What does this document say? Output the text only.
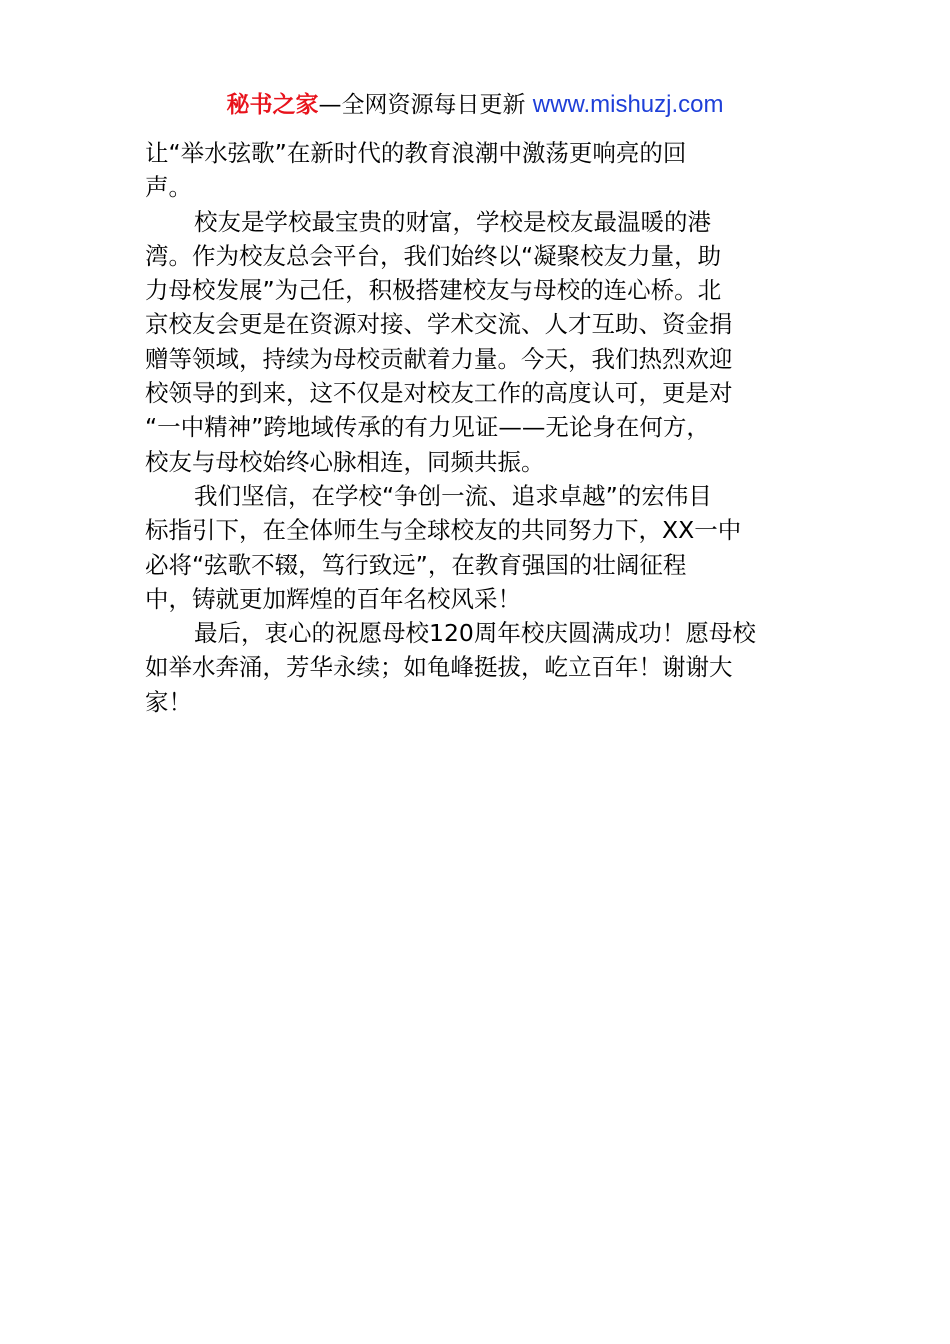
秘书之家—全网资源每日更新 www.mishuzj.com
让“举水弦歌”在新时代的教育浪潮中激荡更响亮的回
声。
校友是学校最宝贵的财富，学校是校友最温暖的港
湾。作为校友总会平台，我们始终以“凝聚校友力量，助
力母校发展”为己任，积极搭建校友与母校的连心桥。北
京校友会更是在资源对接、学术交流、人才互助、资金捐
赠等领域，持续为母校贡献着力量。今天，我们热烈欢迎
校领导的到来，这不仅是对校友工作的高度认可，更是对
“一中精神”跨地域传承的有力见证——无论身在何方，
校友与母校始终心脉相连，同频共振。
我们坚信，在学校“争创一流、追求卓越”的宏伟目
标指引下，在全体师生与全球校友的共同努力下，XX一中
必将“弦歌不辍，笃行致远”，在教育强国的壮阔征程
中，铸就更加辉煌的百年名校风采！
最后，衷心的祝愿母校120周年校庆圆满成功！愿母校
如举水奔涌，芳华永续；如龟峰挺拔，屹立百年！谢谢大
家！
